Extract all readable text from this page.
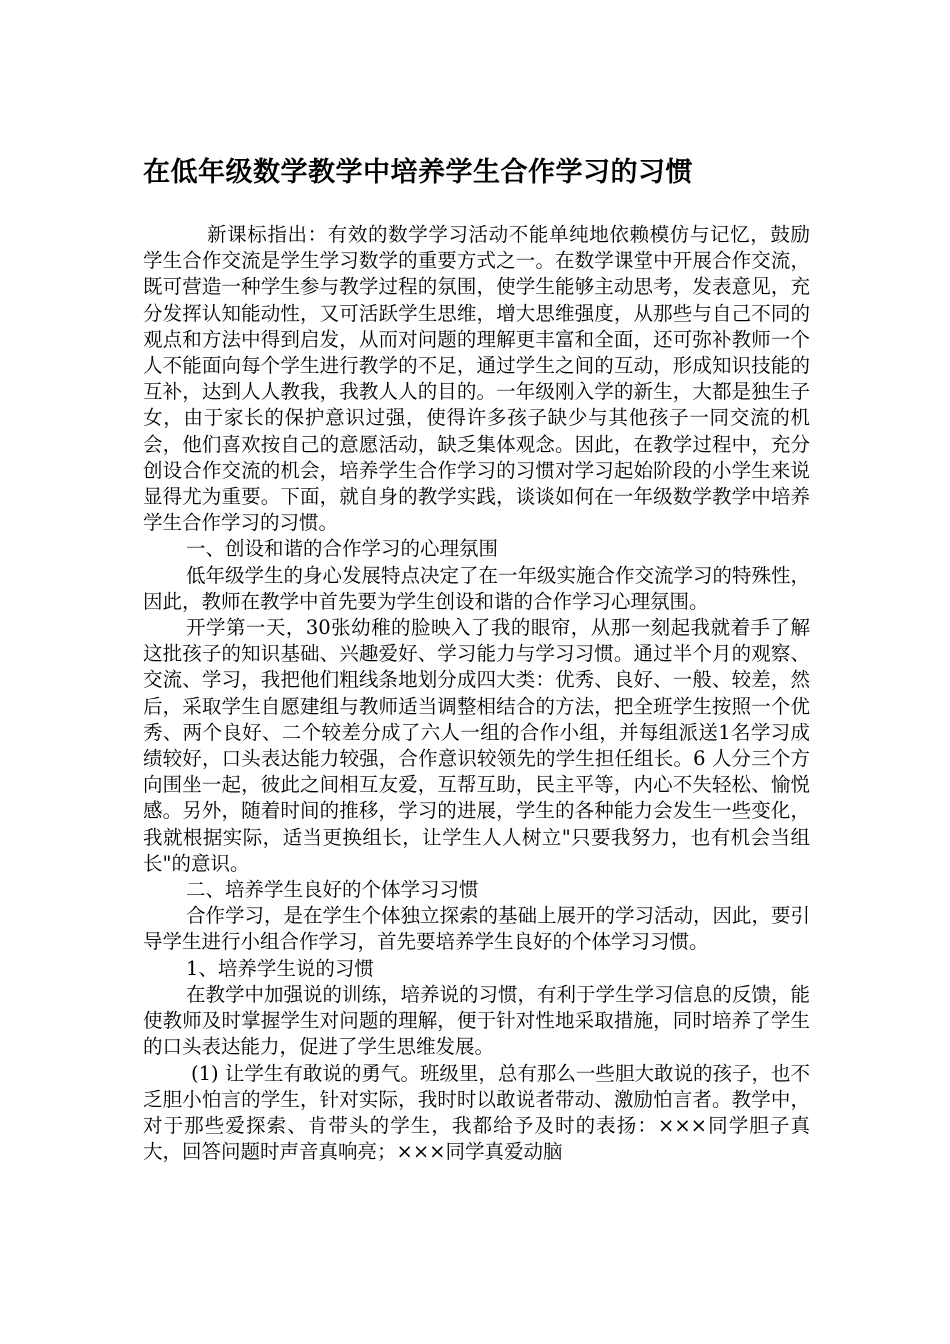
在低年级数学教学中培养学生合作学习的习惯

新课标指出：有效的数学学习活动不能单纯地依赖模仿与记忆，鼓励学生合作交流是学生学习数学的重要方式之一。在数学课堂中开展合作交流，既可营造一种学生参与教学过程的氛围，使学生能够主动思考，发表意见，充分发挥认知能动性，又可活跃学生思维，增大思维强度，从那些与自己不同的观点和方法中得到启发，从而对问题的理解更丰富和全面，还可弥补教师一个人不能面向每个学生进行教学的不足，通过学生之间的互动，形成知识技能的互补，达到人人教我，我教人人的目的。一年级刚入学的新生，大都是独生子女，由于家长的保护意识过强，使得许多孩子缺少与其他孩子一同交流的机会，他们喜欢按自己的意愿活动，缺乏集体观念。因此，在教学过程中，充分创设合作交流的机会，培养学生合作学习的习惯对学习起始阶段的小学生来说显得尤为重要。下面，就自身的教学实践，谈谈如何在一年级数学教学中培养学生合作学习的习惯。

一、创设和谐的合作学习的心理氛围

低年级学生的身心发展特点决定了在一年级实施合作交流学习的特殊性，因此，教师在教学中首先要为学生创设和谐的合作学习心理氛围。

开学第一天，30张幼稚的脸映入了我的眼帘，从那一刻起我就着手了解这批孩子的知识基础、兴趣爱好、学习能力与学习习惯。通过半个月的观察、交流、学习，我把他们粗线条地划分成四大类：优秀、良好、一般、较差，然后，采取学生自愿建组与教师适当调整相结合的方法，把全班学生按照一个优秀、两个良好、二个较差分成了六人一组的合作小组，并每组派送1名学习成绩较好，口头表达能力较强，合作意识较领先的学生担任组长。6 人分三个方向围坐一起，彼此之间相互友爱，互帮互助，民主平等，内心不失轻松、愉悦感。另外，随着时间的推移，学习的进展，学生的各种能力会发生一些变化，我就根据实际，适当更换组长，让学生人人树立"只要我努力，也有机会当组长"的意识。

二、培养学生良好的个体学习习惯

合作学习，是在学生个体独立探索的基础上展开的学习活动，因此，要引导学生进行小组合作学习，首先要培养学生良好的个体学习习惯。

1、培养学生说的习惯

在教学中加强说的训练，培养说的习惯，有利于学生学习信息的反馈，能使教师及时掌握学生对问题的理解，便于针对性地采取措施，同时培养了学生的口头表达能力，促进了学生思维发展。

(1) 让学生有敢说的勇气。班级里，总有那么一些胆大敢说的孩子，也不乏胆小怕言的学生，针对实际，我时时以敢说者带动、激励怕言者。教学中，对于那些爱探索、肯带头的学生，我都给予及时的表扬：×××同学胆子真大，回答问题时声音真响亮；×××同学真爱动脑
